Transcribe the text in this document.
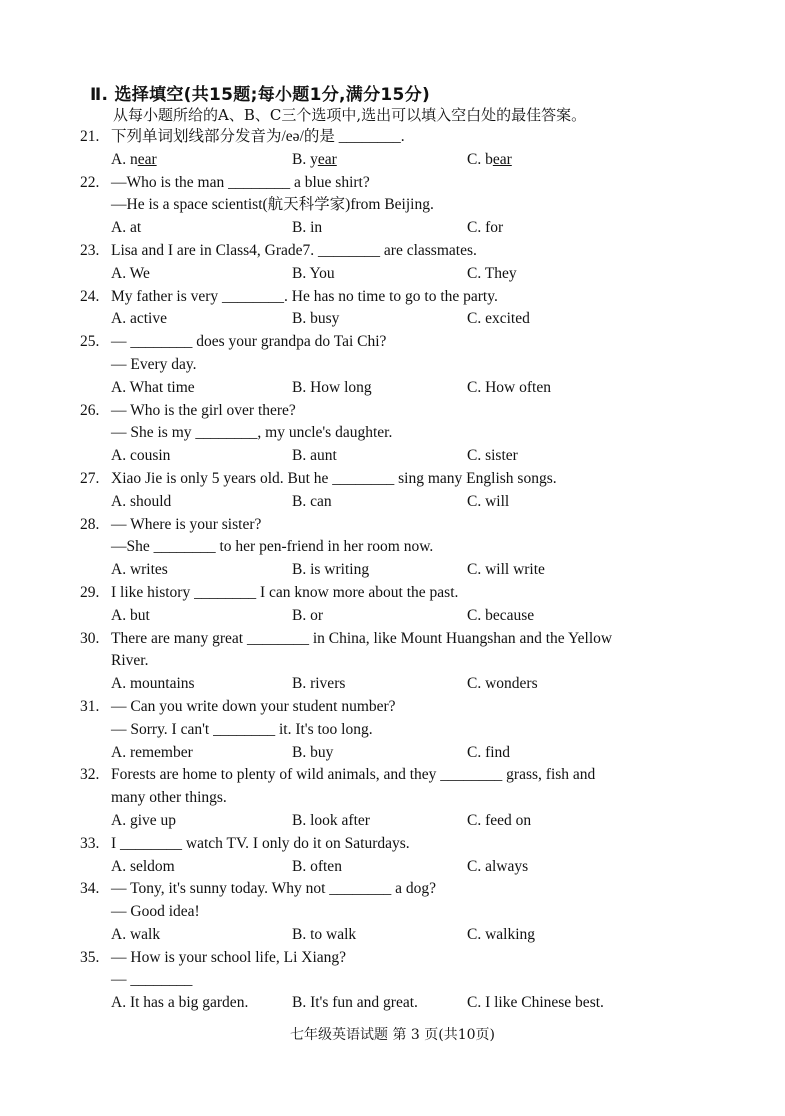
Ⅱ. 选择填空(共15题;每小题1分,满分15分)
从每小题所给的A、B、C三个选项中,选出可以填入空白处的最佳答案。
21. 下列单词划线部分发音为/eə/的是 ________.
A. near	B. year	C. bear
22. —Who is the man ________ a blue shirt?
—He is a space scientist(航天科学家)from Beijing.
A. at	B. in	C. for
23. Lisa and I are in Class4, Grade7. ________ are classmates.
A. We	B. You	C. They
24. My father is very ________. He has no time to go to the party.
A. active	B. busy	C. excited
25. — ________ does your grandpa do Tai Chi?
— Every day.
A. What time	B. How long	C. How often
26. — Who is the girl over there?
— She is my ________, my uncle's daughter.
A. cousin	B. aunt	C. sister
27. Xiao Jie is only 5 years old. But he ________ sing many English songs.
A. should	B. can	C. will
28. — Where is your sister?
—She ________ to her pen-friend in her room now.
A. writes	B. is writing	C. will write
29. I like history ________ I can know more about the past.
A. but	B. or	C. because
30. There are many great ________ in China, like Mount Huangshan and the Yellow
River.
A. mountains	B. rivers	C. wonders
31. — Can you write down your student number?
— Sorry. I can't ________ it. It's too long.
A. remember	B. buy	C. find
32. Forests are home to plenty of wild animals, and they ________ grass, fish and
many other things.
A. give up	B. look after	C. feed on
33. I ________ watch TV. I only do it on Saturdays.
A. seldom	B. often	C. always
34. — Tony, it's sunny today. Why not ________ a dog?
— Good idea!
A. walk	B. to walk	C. walking
35. — How is your school life, Li Xiang?
— ________
A. It has a big garden.	B. It's fun and great.	C. I like Chinese best.
七年级英语试题 第 3 页(共10页)
